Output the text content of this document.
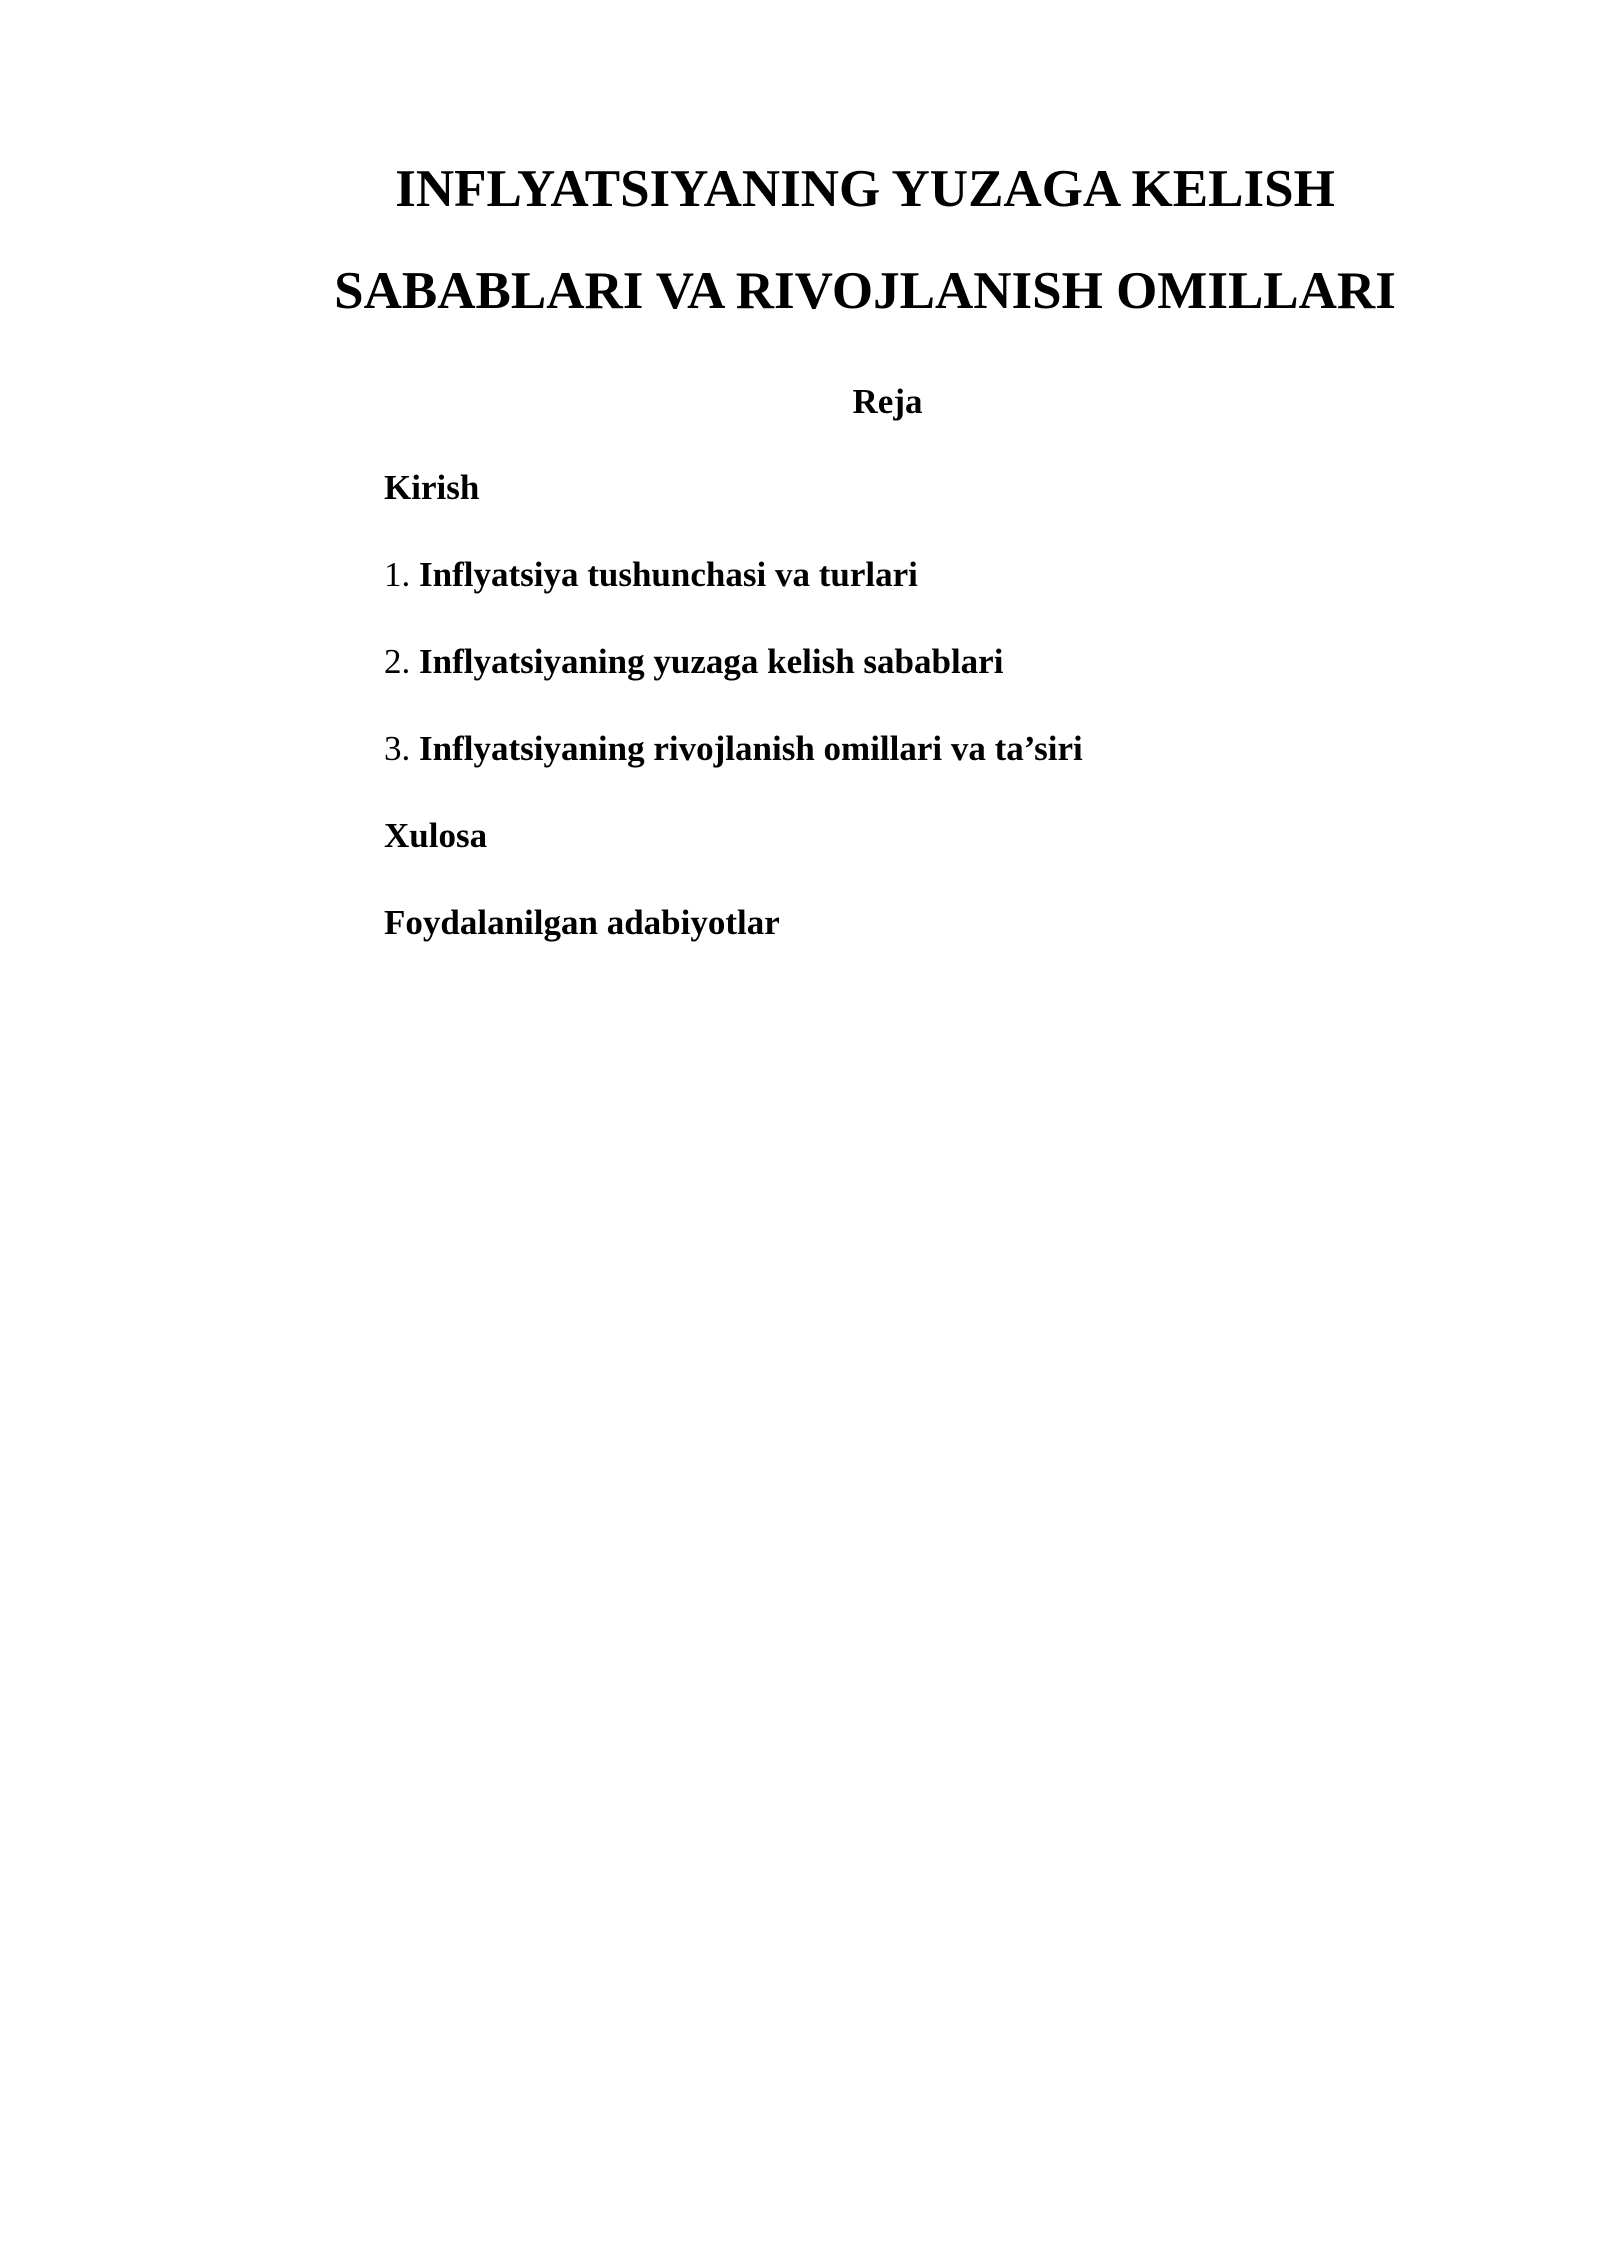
INFLYATSIYANING YUZAGA KELISH
SABABLARI VA RIVOJLANISH OMILLARI
Reja
Kirish
1. Inflyatsiya tushunchasi va turlari
2. Inflyatsiyaning yuzaga kelish sabablari
3. Inflyatsiyaning rivojlanish omillari va ta’siri
Xulosa
Foydalanilgan adabiyotlar
